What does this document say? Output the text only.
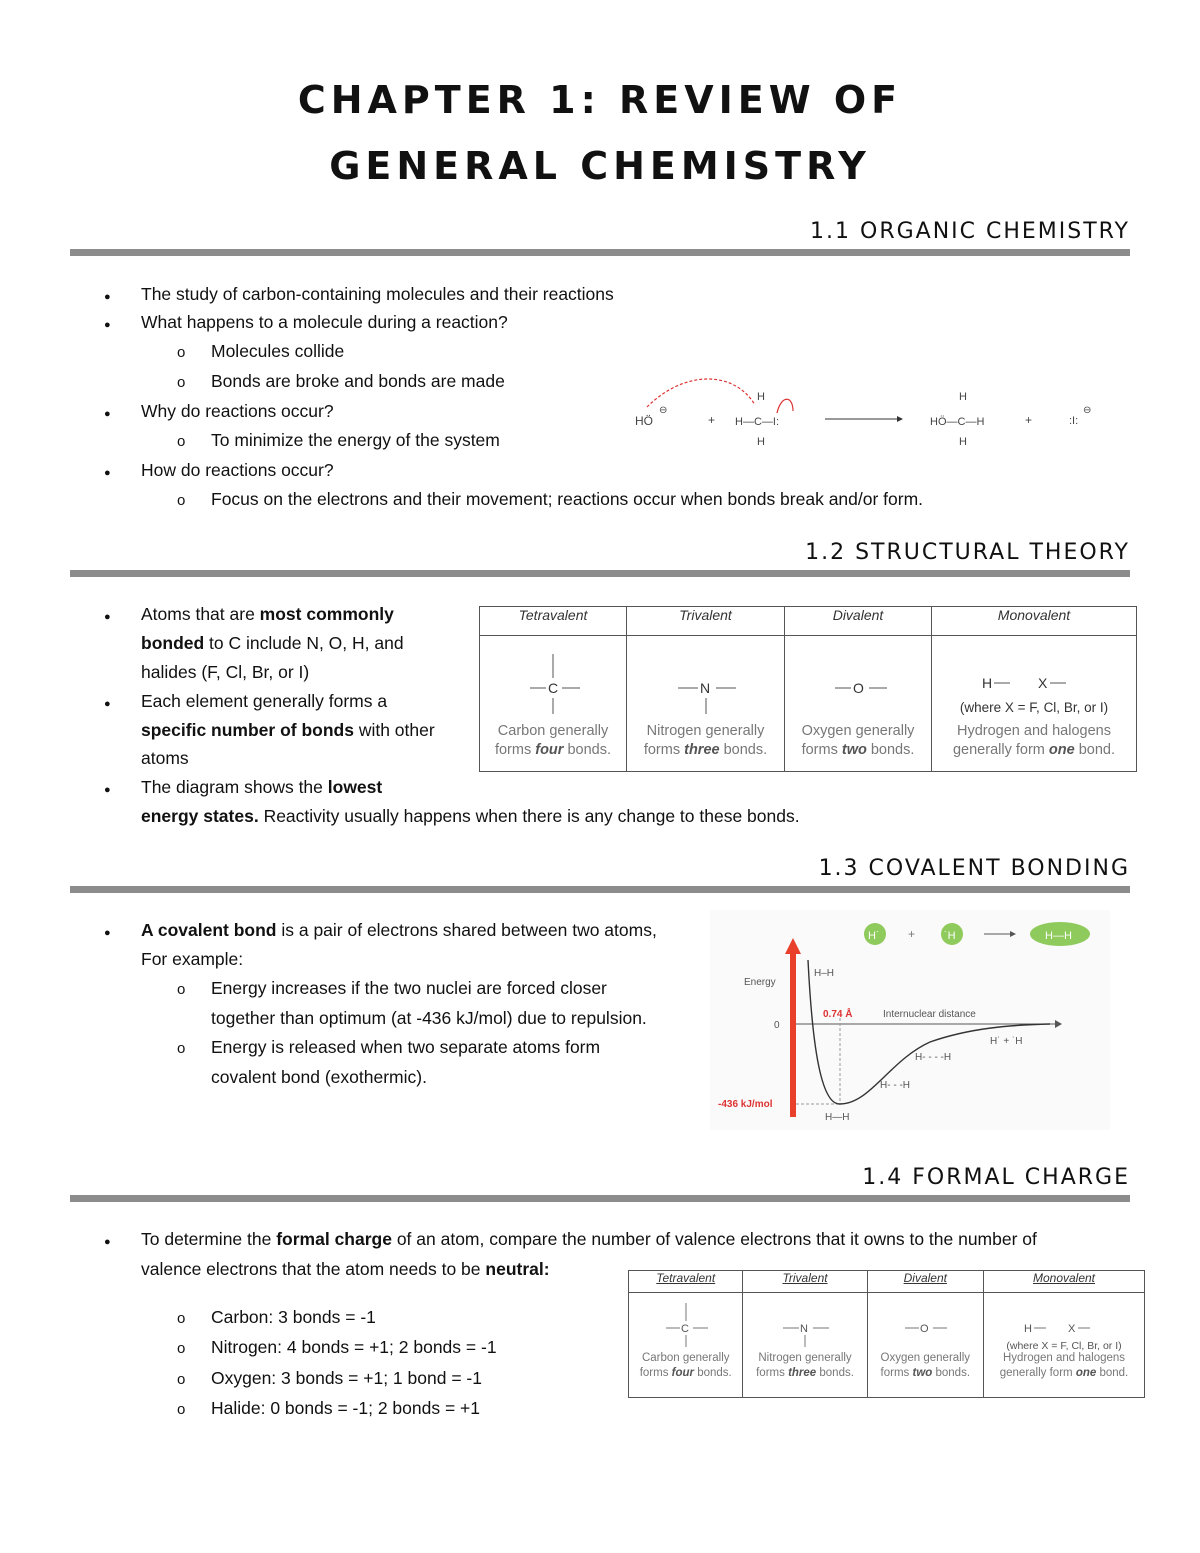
CHAPTER 1: REVIEW OF
GENERAL CHEMISTRY
1.1 ORGANIC CHEMISTRY
● The study of carbon-containing molecules and their reactions
● What happens to a molecule during a reaction?
o Molecules collide
o Bonds are broke and bonds are made
● Why do reactions occur?
o To minimize the energy of the system
● How do reactions occur?
o Focus on the electrons and their movement; reactions occur when bonds break and/or form.
HÖ
⊖
+
H
H—C—I:
H
H
HÖ—C—H
H
+	:I:
⊖
1.2 STRUCTURAL THEORY
● Atoms that are most commonly
bonded to C include N, O, H, and
halides (F, Cl, Br, or I)
● Each element generally forms a
specific number of bonds with other
atoms
● The diagram shows the lowest
energy states. Reactivity usually happens when there is any change to these bonds.
Tetravalent	Trivalent	Divalent	Monovalent

C
Carbon generally
forms four bonds.	N
Nitrogen generally
forms three bonds.	O
Oxygen generally
forms two bonds.	H X
(where X = F, Cl, Br, or I)
Hydrogen and halogens
generally form one bond.
1.3 COVALENT BONDING
● A covalent bond is a pair of electrons shared between two atoms,
For example:
o Energy increases if the two nuclei are forced closer
together than optimum (at -436 kJ/mol) due to repulsion.
o Energy is released when two separate atoms form
covalent bond (exothermic).
H˙ +	˙H	H—H
Energy
0
-436 kJ/mol
0.74 Å	Internuclear distance
H–H
H—H
H- - -H
H- - - -H
H˙ + ˙H
1.4 FORMAL CHARGE
● To determine the formal charge of an atom, compare the number of valence electrons that it owns to the number of
valence electrons that the atom needs to be neutral:
o Carbon: 3 bonds = -1
o Nitrogen: 4 bonds = +1; 2 bonds = -1
o Oxygen: 3 bonds = +1; 1 bond = -1
o Halide: 0 bonds = -1; 2 bonds = +1
Tetravalent	Trivalent	Divalent	Monovalent

C
Carbon generally
forms four bonds.	N
Nitrogen generally
forms three bonds.	O
Oxygen generally
forms two bonds.	H X
(where X = F, Cl, Br, or I)
Hydrogen and halogens
generally form one bond.
